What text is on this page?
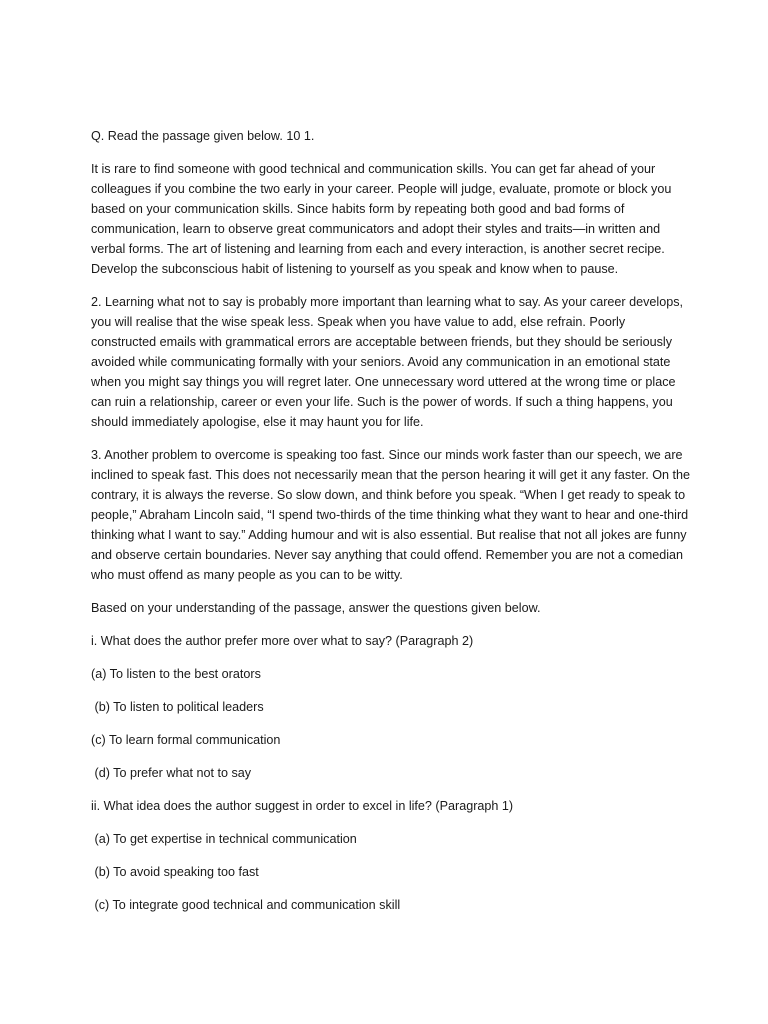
Q. Read the passage given below. 10 1.

It is rare to find someone with good technical and communication skills. You can get far ahead of your colleagues if you combine the two early in your career. People will judge, evaluate, promote or block you based on your communication skills. Since habits form by repeating both good and bad forms of communication, learn to observe great communicators and adopt their styles and traits—in written and verbal forms. The art of listening and learning from each and every interaction, is another secret recipe. Develop the subconscious habit of listening to yourself as you speak and know when to pause.

2. Learning what not to say is probably more important than learning what to say. As your career develops, you will realise that the wise speak less. Speak when you have value to add, else refrain. Poorly constructed emails with grammatical errors are acceptable between friends, but they should be seriously avoided while communicating formally with your seniors. Avoid any communication in an emotional state when you might say things you will regret later. One unnecessary word uttered at the wrong time or place can ruin a relationship, career or even your life. Such is the power of words. If such a thing happens, you should immediately apologise, else it may haunt you for life.

3. Another problem to overcome is speaking too fast. Since our minds work faster than our speech, we are inclined to speak fast. This does not necessarily mean that the person hearing it will get it any faster. On the contrary, it is always the reverse. So slow down, and think before you speak. “When I get ready to speak to people,” Abraham Lincoln said, “I spend two-thirds of the time thinking what they want to hear and one-third thinking what I want to say.” Adding humour and wit is also essential. But realise that not all jokes are funny and observe certain boundaries. Never say anything that could offend. Remember you are not a comedian who must offend as many people as you can to be witty.

Based on your understanding of the passage, answer the questions given below.

i. What does the author prefer more over what to say? (Paragraph 2)

(a) To listen to the best orators

(b) To listen to political leaders

(c) To learn formal communication

(d) To prefer what not to say

ii. What idea does the author suggest in order to excel in life? (Paragraph 1)

(a) To get expertise in technical communication

(b) To avoid speaking too fast

(c) To integrate good technical and communication skill
